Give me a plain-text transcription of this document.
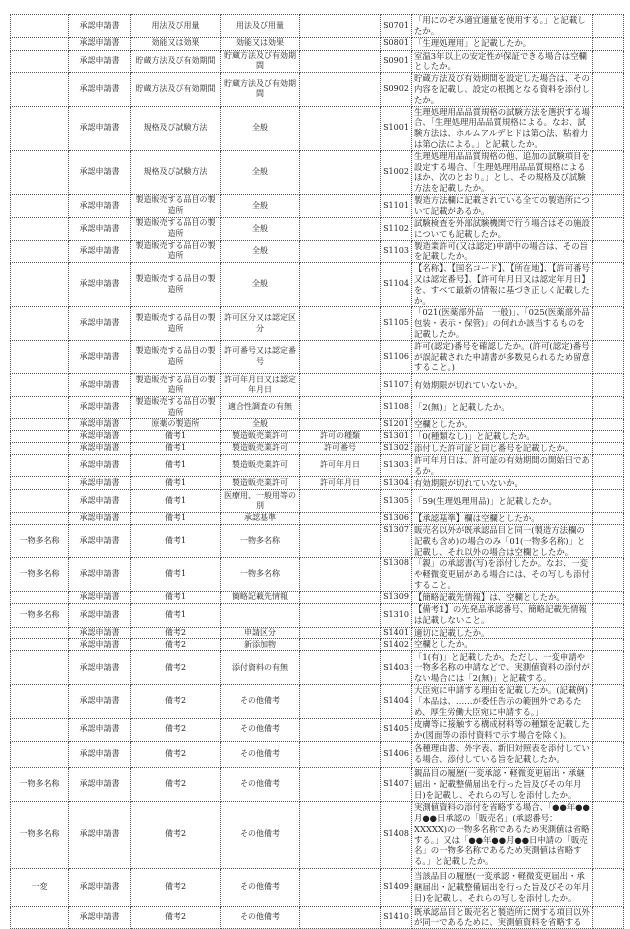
	承認申請書	用法及び用量	用法及び用量		S0701	「用にのぞみ適宜適量を使用する。」と記載したか。	
	承認申請書	効能又は効果	効能又は効果		S0801	「生理処理用」と記載したか。	
	承認申請書	貯蔵方法及び有効期間	貯蔵方法及び有効期間		S0901	室温3年以上の安定性が保証できる場合は空欄としたか。	
	承認申請書	貯蔵方法及び有効期間	貯蔵方法及び有効期間		S0902	貯蔵方法及び有効期間を設定した場合は、その内容を記載し、設定の根拠となる資料を添付したか。	
	承認申請書	規格及び試験方法	全般		S1001	生理処理用品品質規格の試験方法を選択する場合、「生理処理用品品質規格による。なお、試験方法は、ホルムアルデヒドは第○法、粘着力は第○法による。」と記載したか。	
	承認申請書	規格及び試験方法	全般		S1002	生理処理用品品質規格の他、追加の試験項目を設定する場合、「生理処理用品品質規格によるほか、次のとおり。」とし、その規格及び試験方法を記載したか。	
	承認申請書	製造販売する品目の製造所	全般		S1101	製造方法欄に記載されている全ての製造所について記載があるか。	
	承認申請書	製造販売する品目の製造所	全般		S1102	試験検査を外部試験機関で行う場合はその施設についても記載したか。	
	承認申請書	製造販売する品目の製造所	全般		S1103	製造業許可(又は認定)申請中の場合は、その旨を記載したか。	
	承認申請書	製造販売する品目の製造所	全般		S1104	【名称】、【国名コード】、【所在地】、【許可番号又は認定番号】、【許可年月日又は認定年月日】を、すべて最新の情報に基づき正しく記載したか。	
	承認申請書	製造販売する品目の製造所	許可区分又は認定区分		S1105	「021(医薬部外品　一般)」、「025(医薬部外品　包装・表示・保管)」の何れか該当するものを記載したか。	
	承認申請書	製造販売する品目の製造所	許可番号又は認定番号		S1106	許可(認定)番号を確認したか。(許可(認定)番号が誤記載された申請書が多数見られるため留意すること。)	
	承認申請書	製造販売する品目の製造所	許可年月日又は認定年月日		S1107	有効期限が切れていないか。	
	承認申請書	製造販売する品目の製造所	適合性調査の有無		S1108	「2(無)」と記載したか。	
	承認申請書	原薬の製造所	全般		S1201	空欄としたか。	
	承認申請書	備考1	製造販売業許可	許可の種類	S1301	「0(種類なし)」と記載したか。	
	承認申請書	備考1	製造販売業許可	許可番号	S1302	添付した許可証と同じ番号を記載したか。	
	承認申請書	備考1	製造販売業許可	許可年月日	S1303	許可年月日は、許可証の有効期間の開始日であるか。	
	承認申請書	備考1	製造販売業許可	許可年月日	S1304	有効期限が切れていないか。	
	承認申請書	備考1	医療用、一般用等の別		S1305	「59(生理処理用品)」と記載したか。	
	承認申請書	備考1	承認基準		S1306	【承認基準】欄は空欄としたか。	
一物多名称	承認申請書	備考1	一物多名称		S1307	販売名以外が既承認品目と同一(製造方法欄の記載も含め)の場合のみ「01(一物多名称)」と記載し、それ以外の場合は空欄としたか。	
一物多名称	承認申請書	備考1	一物多名称		S1308	「親」の承認書(写)を添付したか。なお、一変や軽微変更届がある場合には、その写しも添付すること。	
	承認申請書	備考1	簡略記載先情報		S1309	【簡略記載先情報】は、空欄としたか。	
一物多名称	承認申請書	備考1			S1310	【備考1】の先発品承認番号、簡略記載先情報は記載しないこと。	
	承認申請書	備考2	申請区分		S1401	適切に記載したか。	
	承認申請書	備考2	新添加物		S1402	空欄としたか。	
	承認申請書	備考2	添付資料の有無		S1403	「1(有)」と記載したか。ただし、一変申請や一物多名称の申請などで、実測値資料の添付がない場合には「2(無)」と記載する。	
	承認申請書	備考2	その他備考		S1404	大臣宛に申請する理由を記載したか。(記載例)「本品は、……が委任告示の範囲外であるため、厚生労働大臣宛に申請する。」	
	承認申請書	備考2	その他備考		S1405	皮膚等に接触する構成材料等の種類を記載したか(図面等の添付資料で示す場合を除く)。	
	承認申請書	備考2	その他備考		S1406	各種理由書、外字表、新旧対照表を添付している場合、添付している旨を記載したか。	
一物多名称	承認申請書	備考2	その他備考		S1407	親品目の履歴(一変承認・軽微変更届出・承継届出・記載整備届出を行った旨及びその年月日)を記載し、それらの写しを添付したか。	
一物多名称	承認申請書	備考2	その他備考		S1408	実測値資料の添付を省略する場合、「●●年●●月●●日承認の「販売名」(承認番号：XXXXX)の一物多名称であるため実測値は省略する。」又は「●●年●●月●●日申請の「販売名」の一物多名称であるため実測値は省略する。」と記載したか。	
一変	承認申請書	備考2	その他備考		S1409	当該品目の履歴(一変承認・軽微変更届出・承継届出・記載整備届出を行った旨及びその年月日)を記載し、それらの写しを添付したか。	
	承認申請書	備考2	その他備考		S1410	既承認品目と販売名と製造所に関する項目以外が同一であるために、実測値資料を省略する	
